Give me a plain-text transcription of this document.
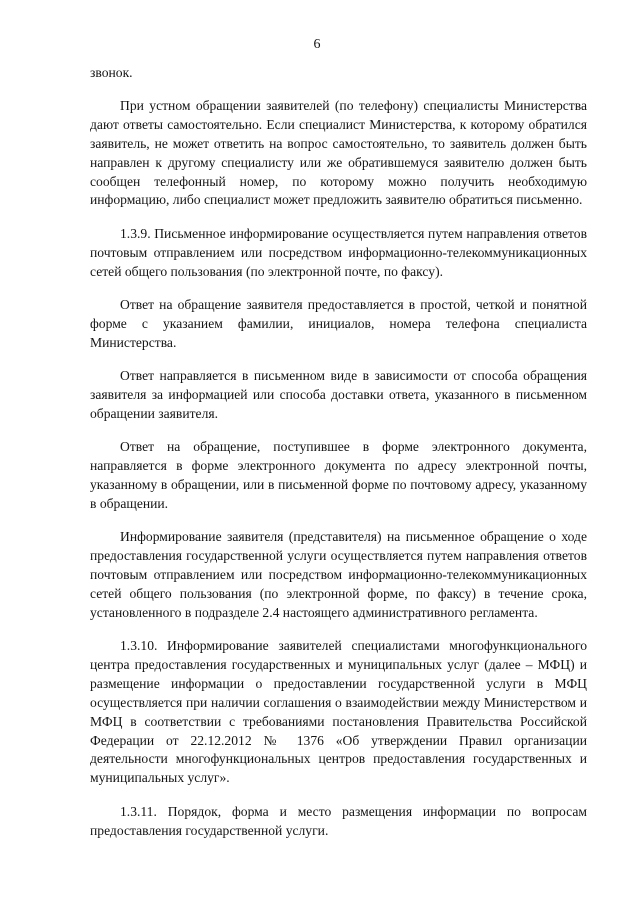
6

звонок.

При устном обращении заявителей (по телефону) специалисты Министерства дают ответы самостоятельно. Если специалист Министерства, к которому обратился заявитель, не может ответить на вопрос самостоятельно, то заявитель должен быть направлен к другому специалисту или же обратившемуся заявителю должен быть сообщен телефонный номер, по которому можно получить необходимую информацию, либо специалист может предложить заявителю обратиться письменно.

1.3.9. Письменное информирование осуществляется путем направления ответов почтовым отправлением или посредством информационно-телекоммуникационных сетей общего пользования (по электронной почте, по факсу).

Ответ на обращение заявителя предоставляется в простой, четкой и понятной форме с указанием фамилии, инициалов, номера телефона специалиста Министерства.

Ответ направляется в письменном виде в зависимости от способа обращения заявителя за информацией или способа доставки ответа, указанного в письменном обращении заявителя.

Ответ на обращение, поступившее в форме электронного документа, направляется в форме электронного документа по адресу электронной почты, указанному в обращении, или в письменной форме по почтовому адресу, указанному в обращении.

Информирование заявителя (представителя) на письменное обращение о ходе предоставления государственной услуги осуществляется путем направления ответов почтовым отправлением или посредством информационно-телекоммуникационных сетей общего пользования (по электронной форме, по факсу) в течение срока, установленного в подразделе 2.4 настоящего административного регламента.

1.3.10. Информирование заявителей специалистами многофункционального центра предоставления государственных и муниципальных услуг (далее – МФЦ) и размещение информации о предоставлении государственной услуги в МФЦ осуществляется при наличии соглашения о взаимодействии между Министерством и МФЦ в соответствии с требованиями постановления Правительства Российской Федерации от 22.12.2012 № 1376 «Об утверждении Правил организации деятельности многофункциональных центров предоставления государственных и муниципальных услуг».

1.3.11. Порядок, форма и место размещения информации по вопросам предоставления государственной услуги.
